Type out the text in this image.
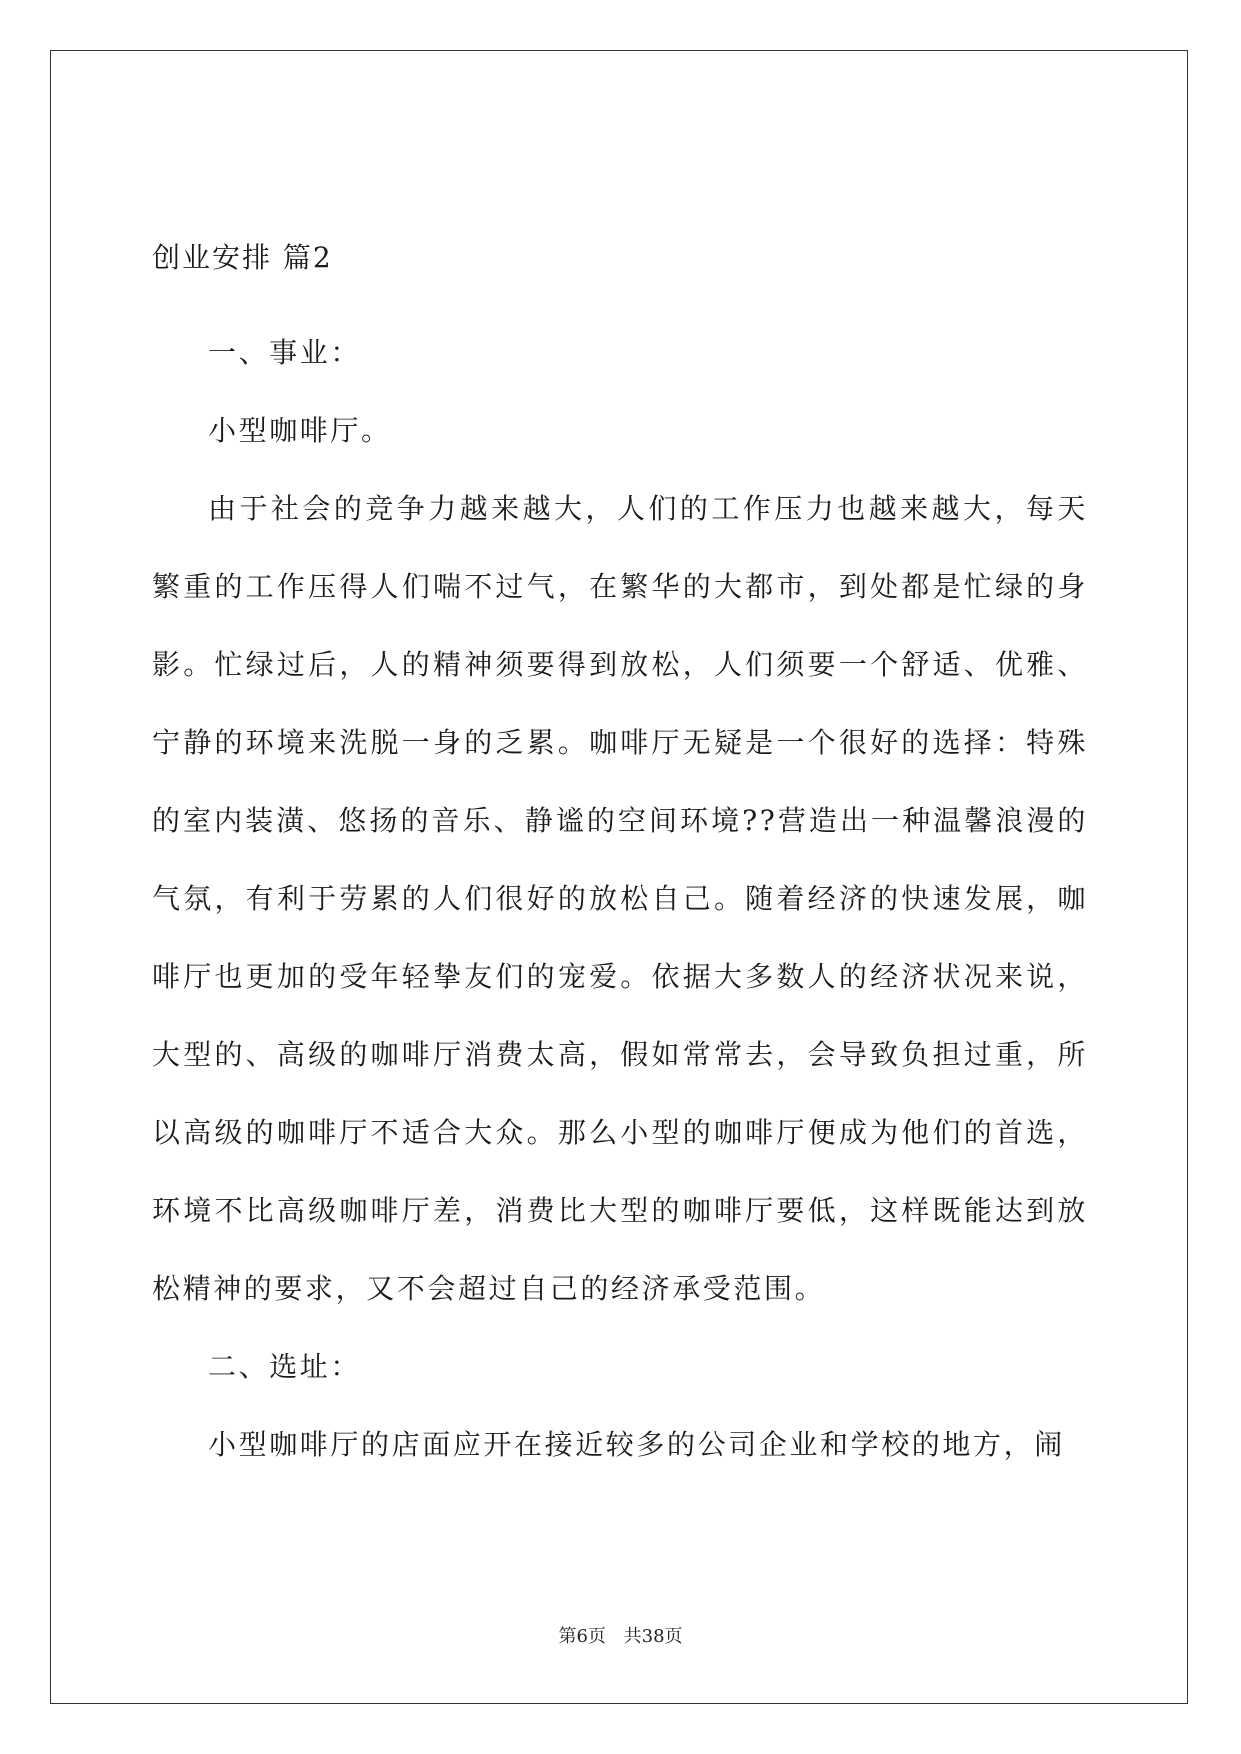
创业安排 篇2

一、事业：

小型咖啡厅。

由于社会的竞争力越来越大，人们的工作压力也越来越大，每天繁重的工作压得人们喘不过气，在繁华的大都市，到处都是忙绿的身影。忙绿过后，人的精神须要得到放松，人们须要一个舒适、优雅、宁静的环境来洗脱一身的乏累。咖啡厅无疑是一个很好的选择：特殊的室内装潢、悠扬的音乐、静谧的空间环境??营造出一种温馨浪漫的气氛，有利于劳累的人们很好的放松自己。随着经济的快速发展，咖啡厅也更加的受年轻挚友们的宠爱。依据大多数人的经济状况来说，大型的、高级的咖啡厅消费太高，假如常常去，会导致负担过重，所以高级的咖啡厅不适合大众。那么小型的咖啡厅便成为他们的首选，环境不比高级咖啡厅差，消费比大型的咖啡厅要低，这样既能达到放松精神的要求，又不会超过自己的经济承受范围。

二、选址：

小型咖啡厅的店面应开在接近较多的公司企业和学校的地方，闹

第6页 共38页
